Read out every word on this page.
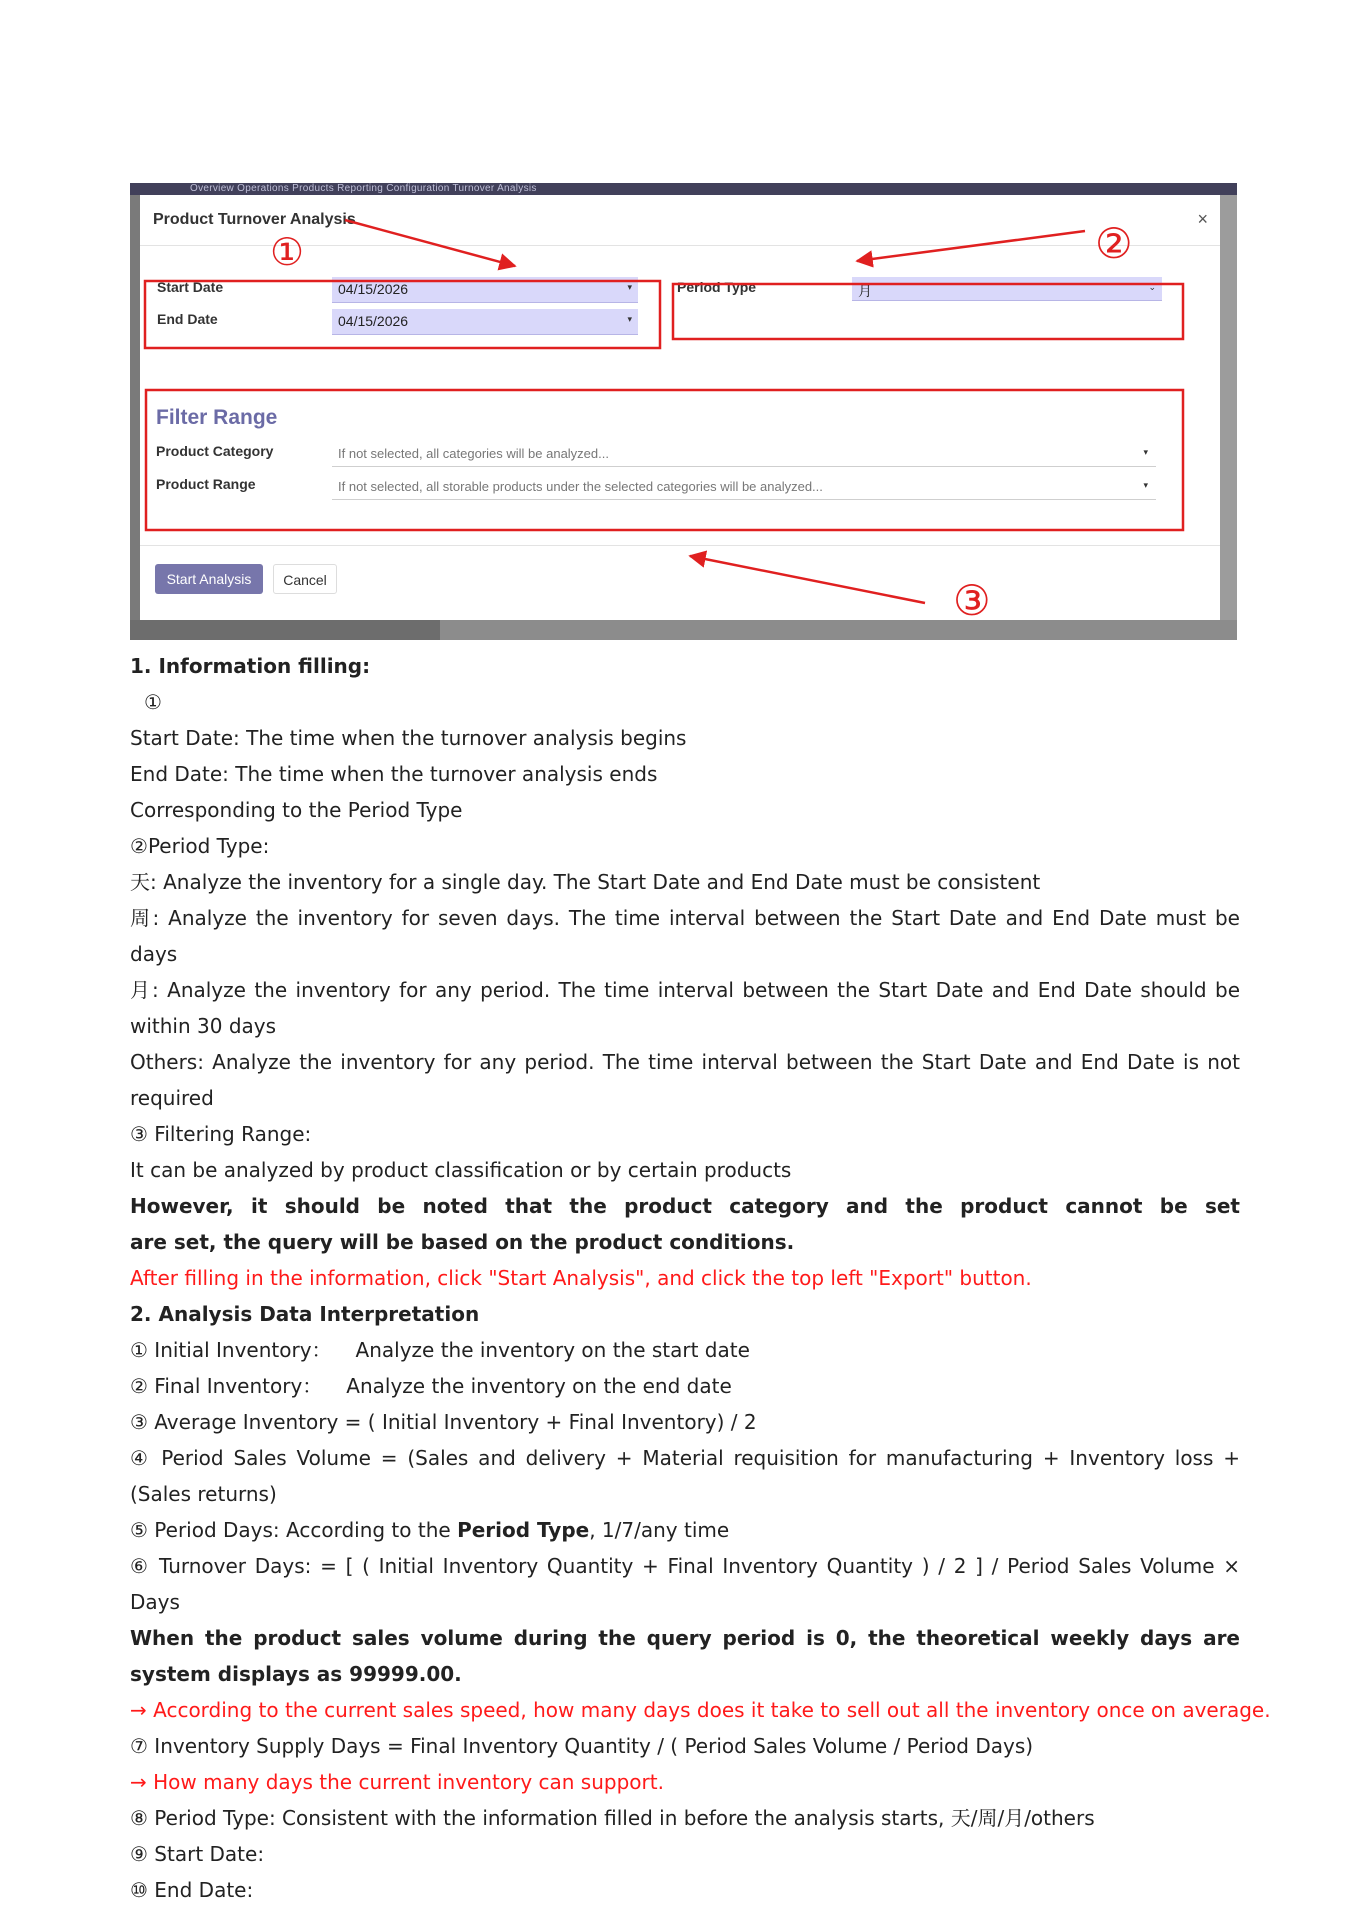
Overview Operations Products Reporting Configuration Turnover Analysis
Product Turnover Analysis	×
Start Date	04/15/2026	▾
End Date	04/15/2026	▾
Period Type	月	⌄
Filter Range
Product Category	If not selected, all categories will be analyzed...	▾
Product Range	If not selected, all storable products under the selected categories will be analyzed...	▾
Start Analysis	Cancel
①	②
③
1. Information filling:
①
Start Date: The time when the turnover analysis begins
End Date: The time when the turnover analysis ends
Corresponding to the Period Type
②Period Type:
天: Analyze the inventory for a single day. The Start Date and End Date must be consistent
周: Analyze the inventory for seven days. The time interval between the Start Date and End Date must be
days
月: Analyze the inventory for any period. The time interval between the Start Date and End Date should be
within 30 days
Others: Analyze the inventory for any period. The time interval between the Start Date and End Date is not
required
③ Filtering Range:
It can be analyzed by product classification or by certain products
However, it should be noted that the product category and the product cannot be set
are set, the query will be based on the product conditions.
After filling in the information, click "Start Analysis", and click the top left "Export" button.
2. Analysis Data Interpretation
① Initial Inventory： Analyze the inventory on the start date
② Final Inventory： Analyze the inventory on the end date
③ Average Inventory = ( Initial Inventory + Final Inventory) / 2
④ Period Sales Volume = (Sales and delivery + Material requisition for manufacturing + Inventory loss +
(Sales returns)
⑤ Period Days: According to the Period Type, 1/7/any time
⑥ Turnover Days: = [ ( Initial Inventory Quantity + Final Inventory Quantity ) / 2 ] / Period Sales Volume ×
Days
When the product sales volume during the query period is 0, the theoretical weekly days are
system displays as 99999.00.
→ According to the current sales speed, how many days does it take to sell out all the inventory once on average.
⑦ Inventory Supply Days = Final Inventory Quantity / ( Period Sales Volume / Period Days)
→ How many days the current inventory can support.
⑧ Period Type: Consistent with the information filled in before the analysis starts, 天/周/月/others
⑨ Start Date:
⑩ End Date:
